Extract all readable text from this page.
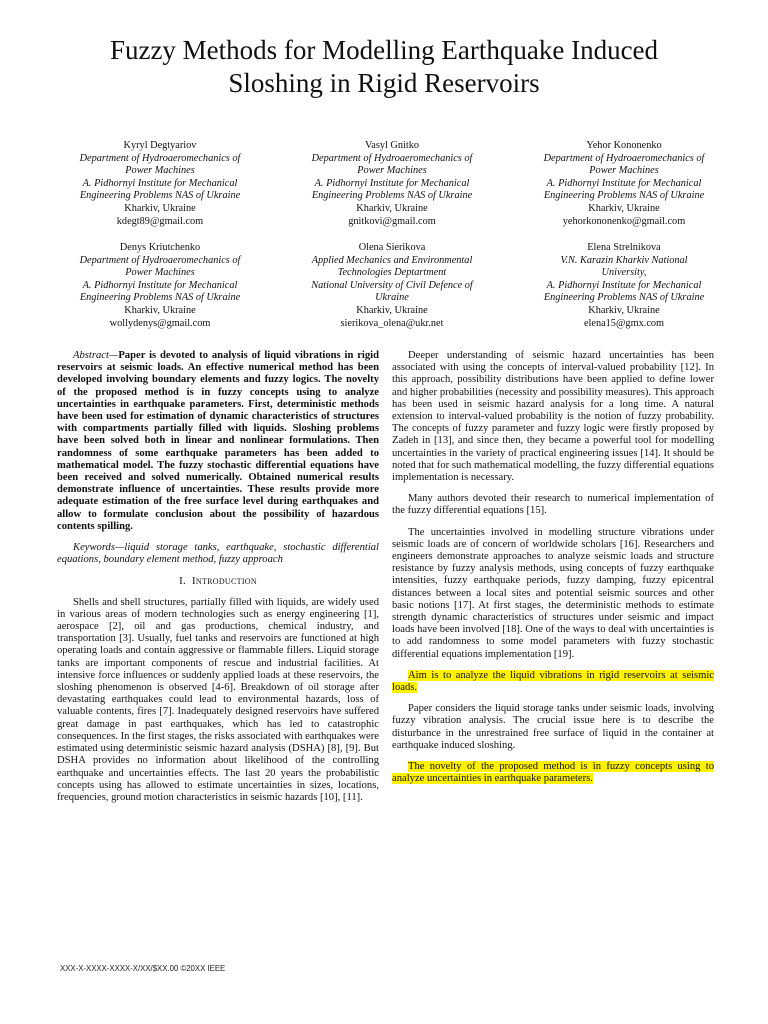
Fuzzy Methods for Modelling Earthquake Induced
Sloshing in Rigid Reservoirs
Kyryl Degtyariov
Department of Hydroaeromechanics of
Power Machines
A. Pidhornyi Institute for Mechanical
Engineering Problems NAS of Ukraine
Kharkiv, Ukraine
kdegt89@gmail.com
Vasyl Gnitko
Department of Hydroaeromechanics of
Power Machines
A. Pidhornyi Institute for Mechanical
Engineering Problems NAS of Ukraine
Kharkiv, Ukraine
gnitkovi@gmail.com
Yehor Kononenko
Department of Hydroaeromechanics of
Power Machines
A. Pidhornyi Institute for Mechanical
Engineering Problems NAS of Ukraine
Kharkiv, Ukraine
yehorkononenko@gmail.com
Denys Kriutchenko
Department of Hydroaeromechanics of
Power Machines
A. Pidhornyi Institute for Mechanical
Engineering Problems NAS of Ukraine
Kharkiv, Ukraine
wollydenys@gmail.com
Olena Sierikova
Applied Mechanics and Environmental
Technologies Deptartment
National University of Civil Defence of
Ukraine
Kharkiv, Ukraine
sierikova_olena@ukr.net
Elena Strelnikova
V.N. Karazin Kharkiv National
University,
A. Pidhornyi Institute for Mechanical
Engineering Problems NAS of Ukraine
Kharkiv, Ukraine
elena15@gmx.com

Abstract—Paper is devoted to analysis of liquid vibrations in rigid reservoirs at seismic loads. An effective numerical method has been developed involving boundary elements and fuzzy logics. The novelty of the proposed method is in fuzzy concepts using to analyze uncertainties in earthquake parameters. First, deterministic methods have been used for estimation of dynamic characteristics of structures with compartments partially filled with liquids. Sloshing problems have been solved both in linear and nonlinear formulations. Then randomness of some earthquake parameters has been added to mathematical model. The fuzzy stochastic differential equations have been received and solved numerically. Obtained numerical results demonstrate influence of uncertainties. These results provide more adequate estimation of the free surface level during earthquakes and allow to formulate conclusion about the possibility of hazardous contents spilling.

Keywords—liquid storage tanks, earthquake, stochastic differential equations, boundary element method, fuzzy approach

I. Introduction

Shells and shell structures, partially filled with liquids, are widely used in various areas of modern technologies such as energy engineering [1], aerospace [2], oil and gas productions, chemical industry, and transportation [3]. Usually, fuel tanks and reservoirs are functioned at high operating loads and contain aggressive or flammable fillers. Liquid storage tanks are important components of rescue and industrial facilities. At intensive force influences or suddenly applied loads at these reservoirs, the sloshing phenomenon is observed [4-6]. Breakdown of oil storage after devastating earthquakes could lead to environmental hazards, loss of valuable contents, fires [7]. Inadequately designed reservoirs have suffered great damage in past earthquakes, which has led to catastrophic consequences. In the first stages, the risks associated with earthquakes were estimated using deterministic seismic hazard analysis (DSHA) [8], [9]. But DSHA provides no information about likelihood of the controlling earthquake and uncertainties effects. The last 20 years the probabilistic concepts using has allowed to estimate uncertainties in sizes, locations, frequencies, ground motion characteristics in seismic hazards [10], [11].

Deeper understanding of seismic hazard uncertainties has been associated with using the concepts of interval-valued probability [12]. In this approach, possibility distributions have been applied to define lower and higher probabilities (necessity and possibility measures). This approach has been used in seismic hazard analysis for a long time. A natural extension to interval-valued probability is the notion of fuzzy probability. The concepts of fuzzy parameter and fuzzy logic were firstly proposed by Zadeh in [13], and since then, they became a powerful tool for modelling uncertainties in the variety of practical engineering issues [14]. It should be noted that for such mathematical modelling, the fuzzy differential equations implementation is necessary.

Many authors devoted their research to numerical implementation of the fuzzy differential equations [15].

The uncertainties involved in modelling structure vibrations under seismic loads are of concern of worldwide scholars [16]. Researchers and engineers demonstrate approaches to analyze seismic loads and structure resistance by fuzzy analysis methods, using concepts of fuzzy earthquake intensities, fuzzy earthquake periods, fuzzy damping, fuzzy epicentral distances between a local sites and potential seismic sources and other basic notions [17]. At first stages, the deterministic methods to estimate strength dynamic characteristics of structures under seismic and impact loads have been involved [18]. One of the ways to deal with uncertainties is to add randomness to some model parameters with fuzzy stochastic differential equations implementation [19].

Aim is to analyze the liquid vibrations in rigid reservoirs at seismic loads.

Paper considers the liquid storage tanks under seismic loads, involving fuzzy vibration analysis. The crucial issue here is to describe the disturbance in the unrestrained free surface of liquid in the container at earthquake induced sloshing.

The novelty of the proposed method is in fuzzy concepts using to analyze uncertainties in earthquake parameters.

XXX-X-XXXX-XXXX-X/XX/$XX.00 ©20XX IEEE
